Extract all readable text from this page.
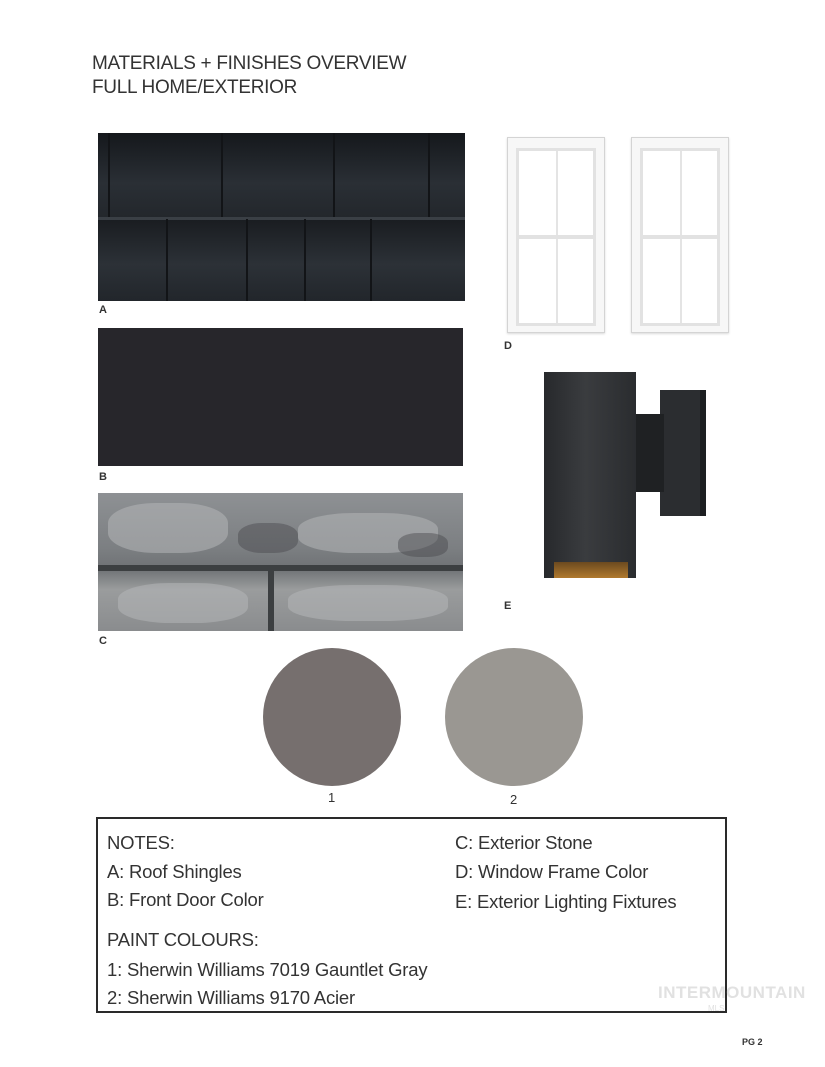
MATERIALS + FINISHES OVERVIEW
FULL HOME/EXTERIOR
A
B
C
D
E
1	2
NOTES:
A: Roof Shingles
B: Front Door Color
C: Exterior Stone
D: Window Frame Color
E: Exterior Lighting Fixtures
PAINT COLOURS:
1: Sherwin Williams 7019 Gauntlet Gray
2: Sherwin Williams 9170 Acier	INTERMOUNTAIN
MLS
PG 2
